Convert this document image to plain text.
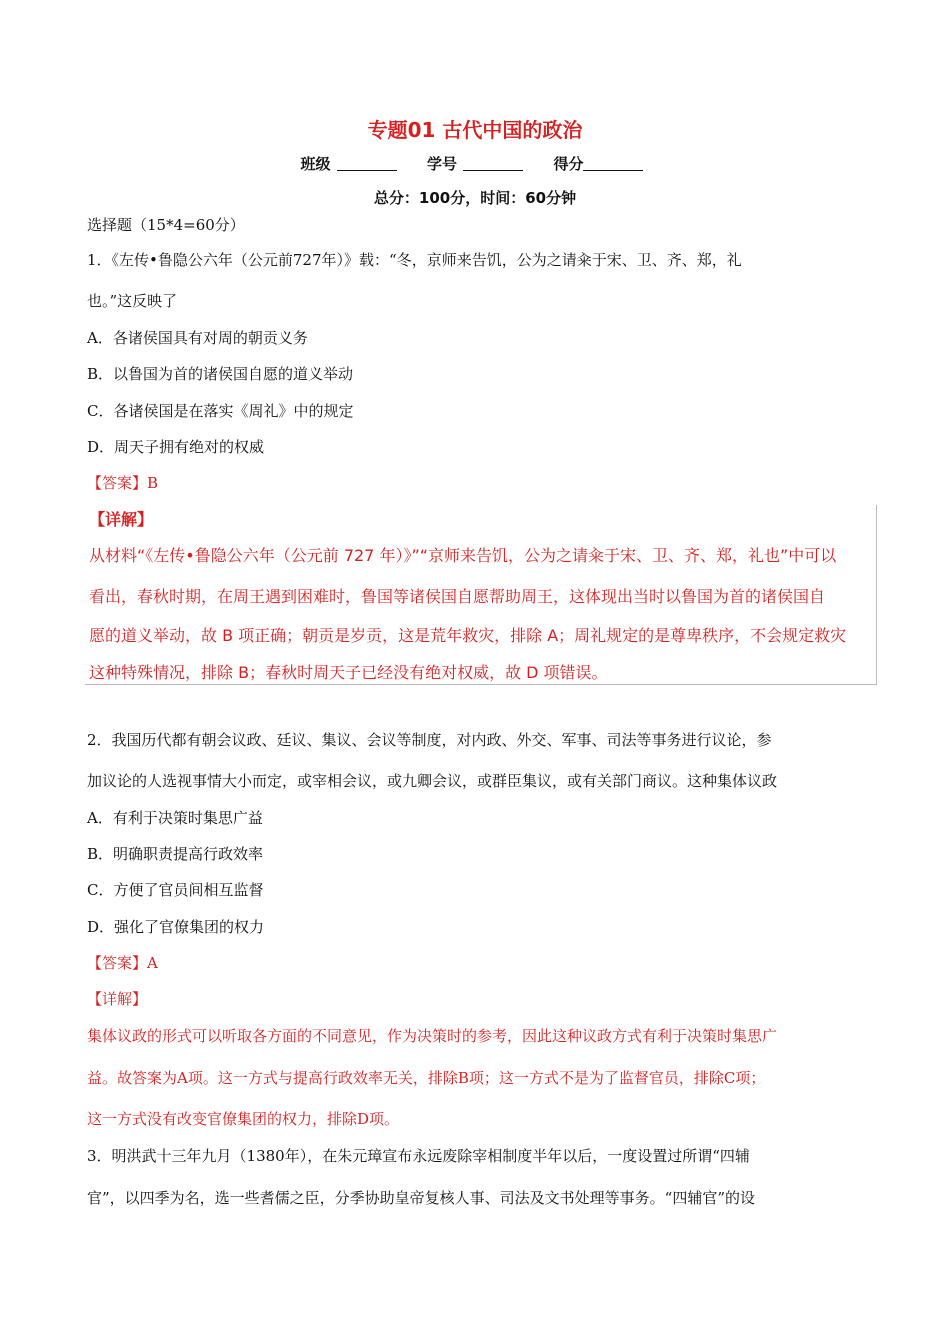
专题01 古代中国的政治
班级	学号	得分
总分：100分，时间：60分钟
选择题（15*4=60分）
1．《左传•鲁隐公六年（公元前727年）》载：“冬，京师来告饥，公为之请籴于宋、卫、齐、郑，礼
也。”这反映了
A．各诸侯国具有对周的朝贡义务
B．以鲁国为首的诸侯国自愿的道义举动
C．各诸侯国是在落实《周礼》中的规定
D．周天子拥有绝对的权威
【答案】B
【详解】
从材料“《左传•鲁隐公六年（公元前 727 年）》”“京师来告饥，公为之请籴于宋、卫、齐、郑，礼也”中可以
看出，春秋时期，在周王遇到困难时，鲁国等诸侯国自愿帮助周王，这体现出当时以鲁国为首的诸侯国自
愿的道义举动，故 B 项正确；朝贡是岁贡，这是荒年救灾，排除 A；周礼规定的是尊卑秩序，不会规定救灾
这种特殊情况，排除 B；春秋时周天子已经没有绝对权威，故 D 项错误。
2．我国历代都有朝会议政、廷议、集议、会议等制度，对内政、外交、军事、司法等事务进行议论，参
加议论的人选视事情大小而定，或宰相会议，或九卿会议，或群臣集议，或有关部门商议。这种集体议政
A．有利于决策时集思广益
B．明确职责提高行政效率
C．方便了官员间相互监督
D．强化了官僚集团的权力
【答案】A
【详解】
集体议政的形式可以听取各方面的不同意见，作为决策时的参考，因此这种议政方式有利于决策时集思广
益。故答案为A项。这一方式与提高行政效率无关，排除B项；这一方式不是为了监督官员，排除C项；
这一方式没有改变官僚集团的权力，排除D项。
3．明洪武十三年九月（1380年），在朱元璋宣布永远废除宰相制度半年以后，一度设置过所谓“四辅
官”，以四季为名，选一些耆儒之臣，分季协助皇帝复核人事、司法及文书处理等事务。“四辅官”的设
